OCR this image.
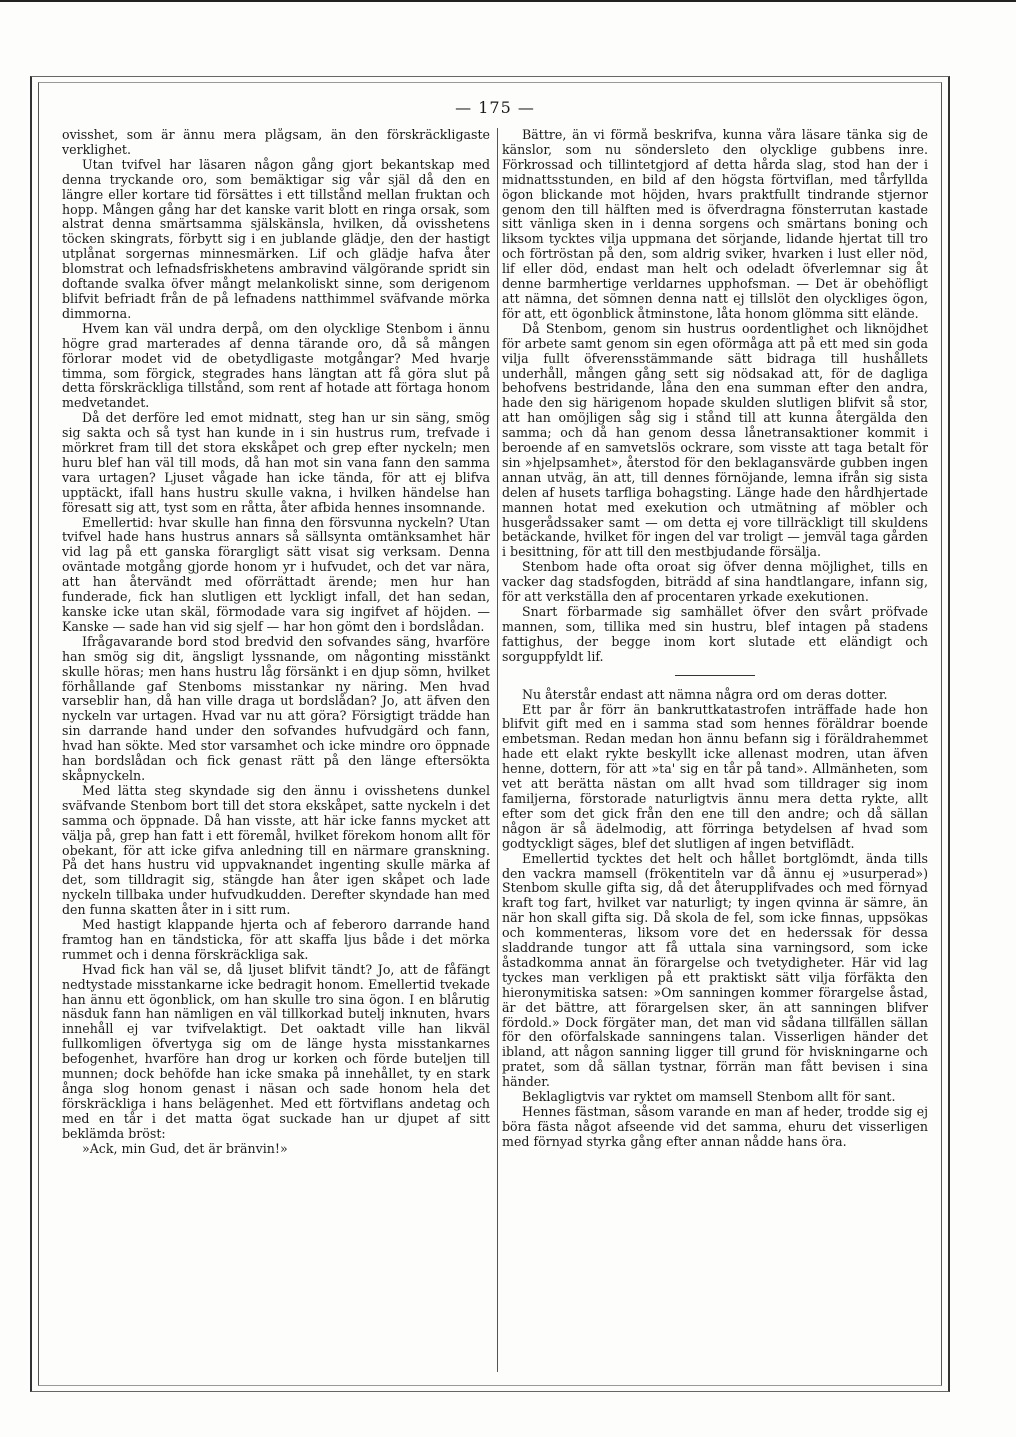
— 175 —

ovisshet, som är ännu mera plågsam, än den förskräckligaste verklighet.

Utan tvifvel har läsaren någon gång gjort bekantskap med denna tryckande oro, som bemäktigar sig vår själ då den en längre eller kortare tid försättes i ett tillstånd mellan fruktan och hopp. Mången gång har det kanske varit blott en ringa orsak, som alstrat denna smärtsamma själskänsla, hvilken, då ovisshetens töcken skingrats, förbytt sig i en jublande glädje, den der hastigt utplånat sorgernas minnesmärken. Lif och glädje hafva åter blomstrat och lefnadsfriskhetens ambravind välgörande spridt sin doftande svalka öfver mångt melankoliskt sinne, som derigenom blifvit befriadt från de på lefnadens natthimmel sväfvande mörka dimmorna.

Hvem kan väl undra derpå, om den olycklige Stenbom i ännu högre grad marterades af denna tärande oro, då så mången förlorar modet vid de obetydligaste motgångar? Med hvarje timma, som förgick, stegrades hans längtan att få göra slut på detta förskräckliga tillstånd, som rent af hotade att förtaga honom medvetandet.

Då det derföre led emot midnatt, steg han ur sin säng, smög sig sakta och så tyst han kunde in i sin hustrus rum, trefvade i mörkret fram till det stora ekskåpet och grep efter nyckeln; men huru blef han väl till mods, då han mot sin vana fann den samma vara urtagen? Ljuset vågade han icke tända, för att ej blifva upptäckt, ifall hans hustru skulle vakna, i hvilken händelse han föresatt sig att, tyst som en råtta, åter afbida hennes insomnande.

Emellertid: hvar skulle han finna den försvunna nyckeln? Utan tvifvel hade hans hustrus annars så sällsynta omtänksamhet här vid lag på ett ganska förargligt sätt visat sig verksam. Denna oväntade motgång gjorde honom yr i hufvudet, och det var nära, att han återvändt med oförrättadt ärende; men hur han funderade, fick han slutligen ett lyckligt infall, det han sedan, kanske icke utan skäl, förmodade vara sig ingifvet af höjden. — Kanske — sade han vid sig sjelf — har hon gömt den i bordslådan.

Ifrågavarande bord stod bredvid den sofvandes säng, hvarföre han smög sig dit, ängsligt lyssnande, om någonting misstänkt skulle höras; men hans hustru låg försänkt i en djup sömn, hvilket förhållande gaf Stenboms misstankar ny näring. Men hvad varseblir han, då han ville draga ut bordslådan? Jo, att äfven den nyckeln var urtagen. Hvad var nu att göra? Försigtigt trädde han sin darrande hand under den sofvandes hufvudgärd och fann, hvad han sökte. Med stor varsamhet och icke mindre oro öppnade han bordslådan och fick genast rätt på den länge eftersökta skåpnyckeln.

Med lätta steg skyndade sig den ännu i ovisshetens dunkel sväfvande Stenbom bort till det stora ekskåpet, satte nyckeln i det samma och öppnade. Då han visste, att här icke fanns mycket att välja på, grep han fatt i ett föremål, hvilket förekom honom allt för obekant, för att icke gifva anledning till en närmare granskning. På det hans hustru vid uppvaknandet ingenting skulle märka af det, som tilldragit sig, stängde han åter igen skåpet och lade nyckeln tillbaka under hufvudkudden. Derefter skyndade han med den funna skatten åter in i sitt rum.

Med hastigt klappande hjerta och af feberoro darrande hand framtog han en tändsticka, för att skaffa ljus både i det mörka rummet och i denna förskräckliga sak.

Hvad fick han väl se, då ljuset blifvit tändt? Jo, att de fåfängt nedtystade misstankarne icke bedragit honom. Emellertid tvekade han ännu ett ögonblick, om han skulle tro sina ögon. I en blårutig näsduk fann han nämligen en väl tillkorkad butelj inknuten, hvars innehåll ej var tvifvelaktigt. Det oaktadt ville han likväl fullkomligen öfvertyga sig om de länge hysta misstankarnes befogenhet, hvarföre han drog ur korken och förde buteljen till munnen; dock behöfde han icke smaka på innehållet, ty en stark ånga slog honom genast i näsan och sade honom hela det förskräckliga i hans belägenhet. Med ett förtviflans andetag och med en tår i det matta ögat suckade han ur djupet af sitt beklämda bröst:

»Ack, min Gud, det är bränvin!»

Bättre, än vi förmå beskrifva, kunna våra läsare tänka sig de känslor, som nu söndersleto den olycklige gubbens inre. Förkrossad och tillintetgjord af detta hårda slag, stod han der i midnattsstunden, en bild af den högsta förtviflan, med tårfyllda ögon blickande mot höjden, hvars praktfullt tindrande stjernor genom den till hälften med is öfverdragna fönsterrutan kastade sitt vänliga sken in i denna sorgens och smärtans boning och liksom tycktes vilja uppmana det sörjande, lidande hjertat till tro och förtröstan på den, som aldrig sviker, hvarken i lust eller nöd, lif eller död, endast man helt och odeladt öfverlemnar sig åt denne barmhertige verldarnes upphofsman. — Det är obehöfligt att nämna, det sömnen denna natt ej tillslöt den olyckliges ögon, för att, ett ögonblick åtminstone, låta honom glömma sitt elände.

Då Stenbom, genom sin hustrus oordentlighet och liknöjdhet för arbete samt genom sin egen oförmåga att på ett med sin goda vilja fullt öfverensstämmande sätt bidraga till hushållets underhåll, mången gång sett sig nödsakad att, för de dagliga behofvens bestridande, låna den ena summan efter den andra, hade den sig härigenom hopade skulden slutligen blifvit så stor, att han omöjligen såg sig i stånd till att kunna återgälda den samma; och då han genom dessa lånetransaktioner kommit i beroende af en samvetslös ockrare, som visste att taga betalt för sin »hjelpsamhet», återstod för den beklagansvärde gubben ingen annan utväg, än att, till dennes förnöjande, lemna ifrån sig sista delen af husets tarfliga bohagsting. Länge hade den hårdhjertade mannen hotat med exekution och utmätning af möbler och husgerådssaker samt — om detta ej vore tillräckligt till skuldens betäckande, hvilket för ingen del var troligt — jemväl taga gården i besittning, för att till den mestbjudande försälja.

Stenbom hade ofta oroat sig öfver denna möjlighet, tills en vacker dag stadsfogden, biträdd af sina handtlangare, infann sig, för att verkställa den af procentaren yrkade exekutionen.

Snart förbarmade sig samhället öfver den svårt pröfvade mannen, som, tillika med sin hustru, blef intagen på stadens fattighus, der begge inom kort slutade ett eländigt och sorguppfyldt lif.

Nu återstår endast att nämna några ord om deras dotter.

Ett par år förr än bankruttkatastrofen inträffade hade hon blifvit gift med en i samma stad som hennes föräldrar boende embetsman. Redan medan hon ännu befann sig i föräldrahemmet hade ett elakt rykte beskyllt icke allenast modren, utan äfven henne, dottern, för att »ta' sig en tår på tand». Allmänheten, som vet att berätta nästan om allt hvad som tilldrager sig inom familjerna, förstorade naturligtvis ännu mera detta rykte, allt efter som det gick från den ene till den andre; och då sällan någon är så ädelmodig, att förringa betydelsen af hvad som godtyckligt säges, blef det slutligen af ingen betviflādt.

Emellertid tycktes det helt och hållet bortglömdt, ända tills den vackra mamsell (frökentiteln var då ännu ej »usurperad») Stenbom skulle gifta sig, då det återupplifvades och med förnyad kraft tog fart, hvilket var naturligt; ty ingen qvinna är sämre, än när hon skall gifta sig. Då skola de fel, som icke finnas, uppsökas och kommenteras, liksom vore det en hederssak för dessa sladdrande tungor att få uttala sina varningsord, som icke åstadkomma annat än förargelse och tvetydigheter. Här vid lag tyckes man verkligen på ett praktiskt sätt vilja förfäkta den hieronymitiska satsen: »Om sanningen kommer förargelse åstad, är det bättre, att förargelsen sker, än att sanningen blifver fördold.» Dock förgäter man, det man vid sådana tillfällen sällan för den oförfalskade sanningens talan. Visserligen händer det ibland, att någon sanning ligger till grund för hviskningarne och pratet, som då sällan tystnar, förrän man fått bevisen i sina händer.

Beklagligtvis var ryktet om mamsell Stenbom allt för sant.

Hennes fästman, såsom varande en man af heder, trodde sig ej böra fästa något afseende vid det samma, ehuru det visserligen med förnyad styrka gång efter annan nådde hans öra.
